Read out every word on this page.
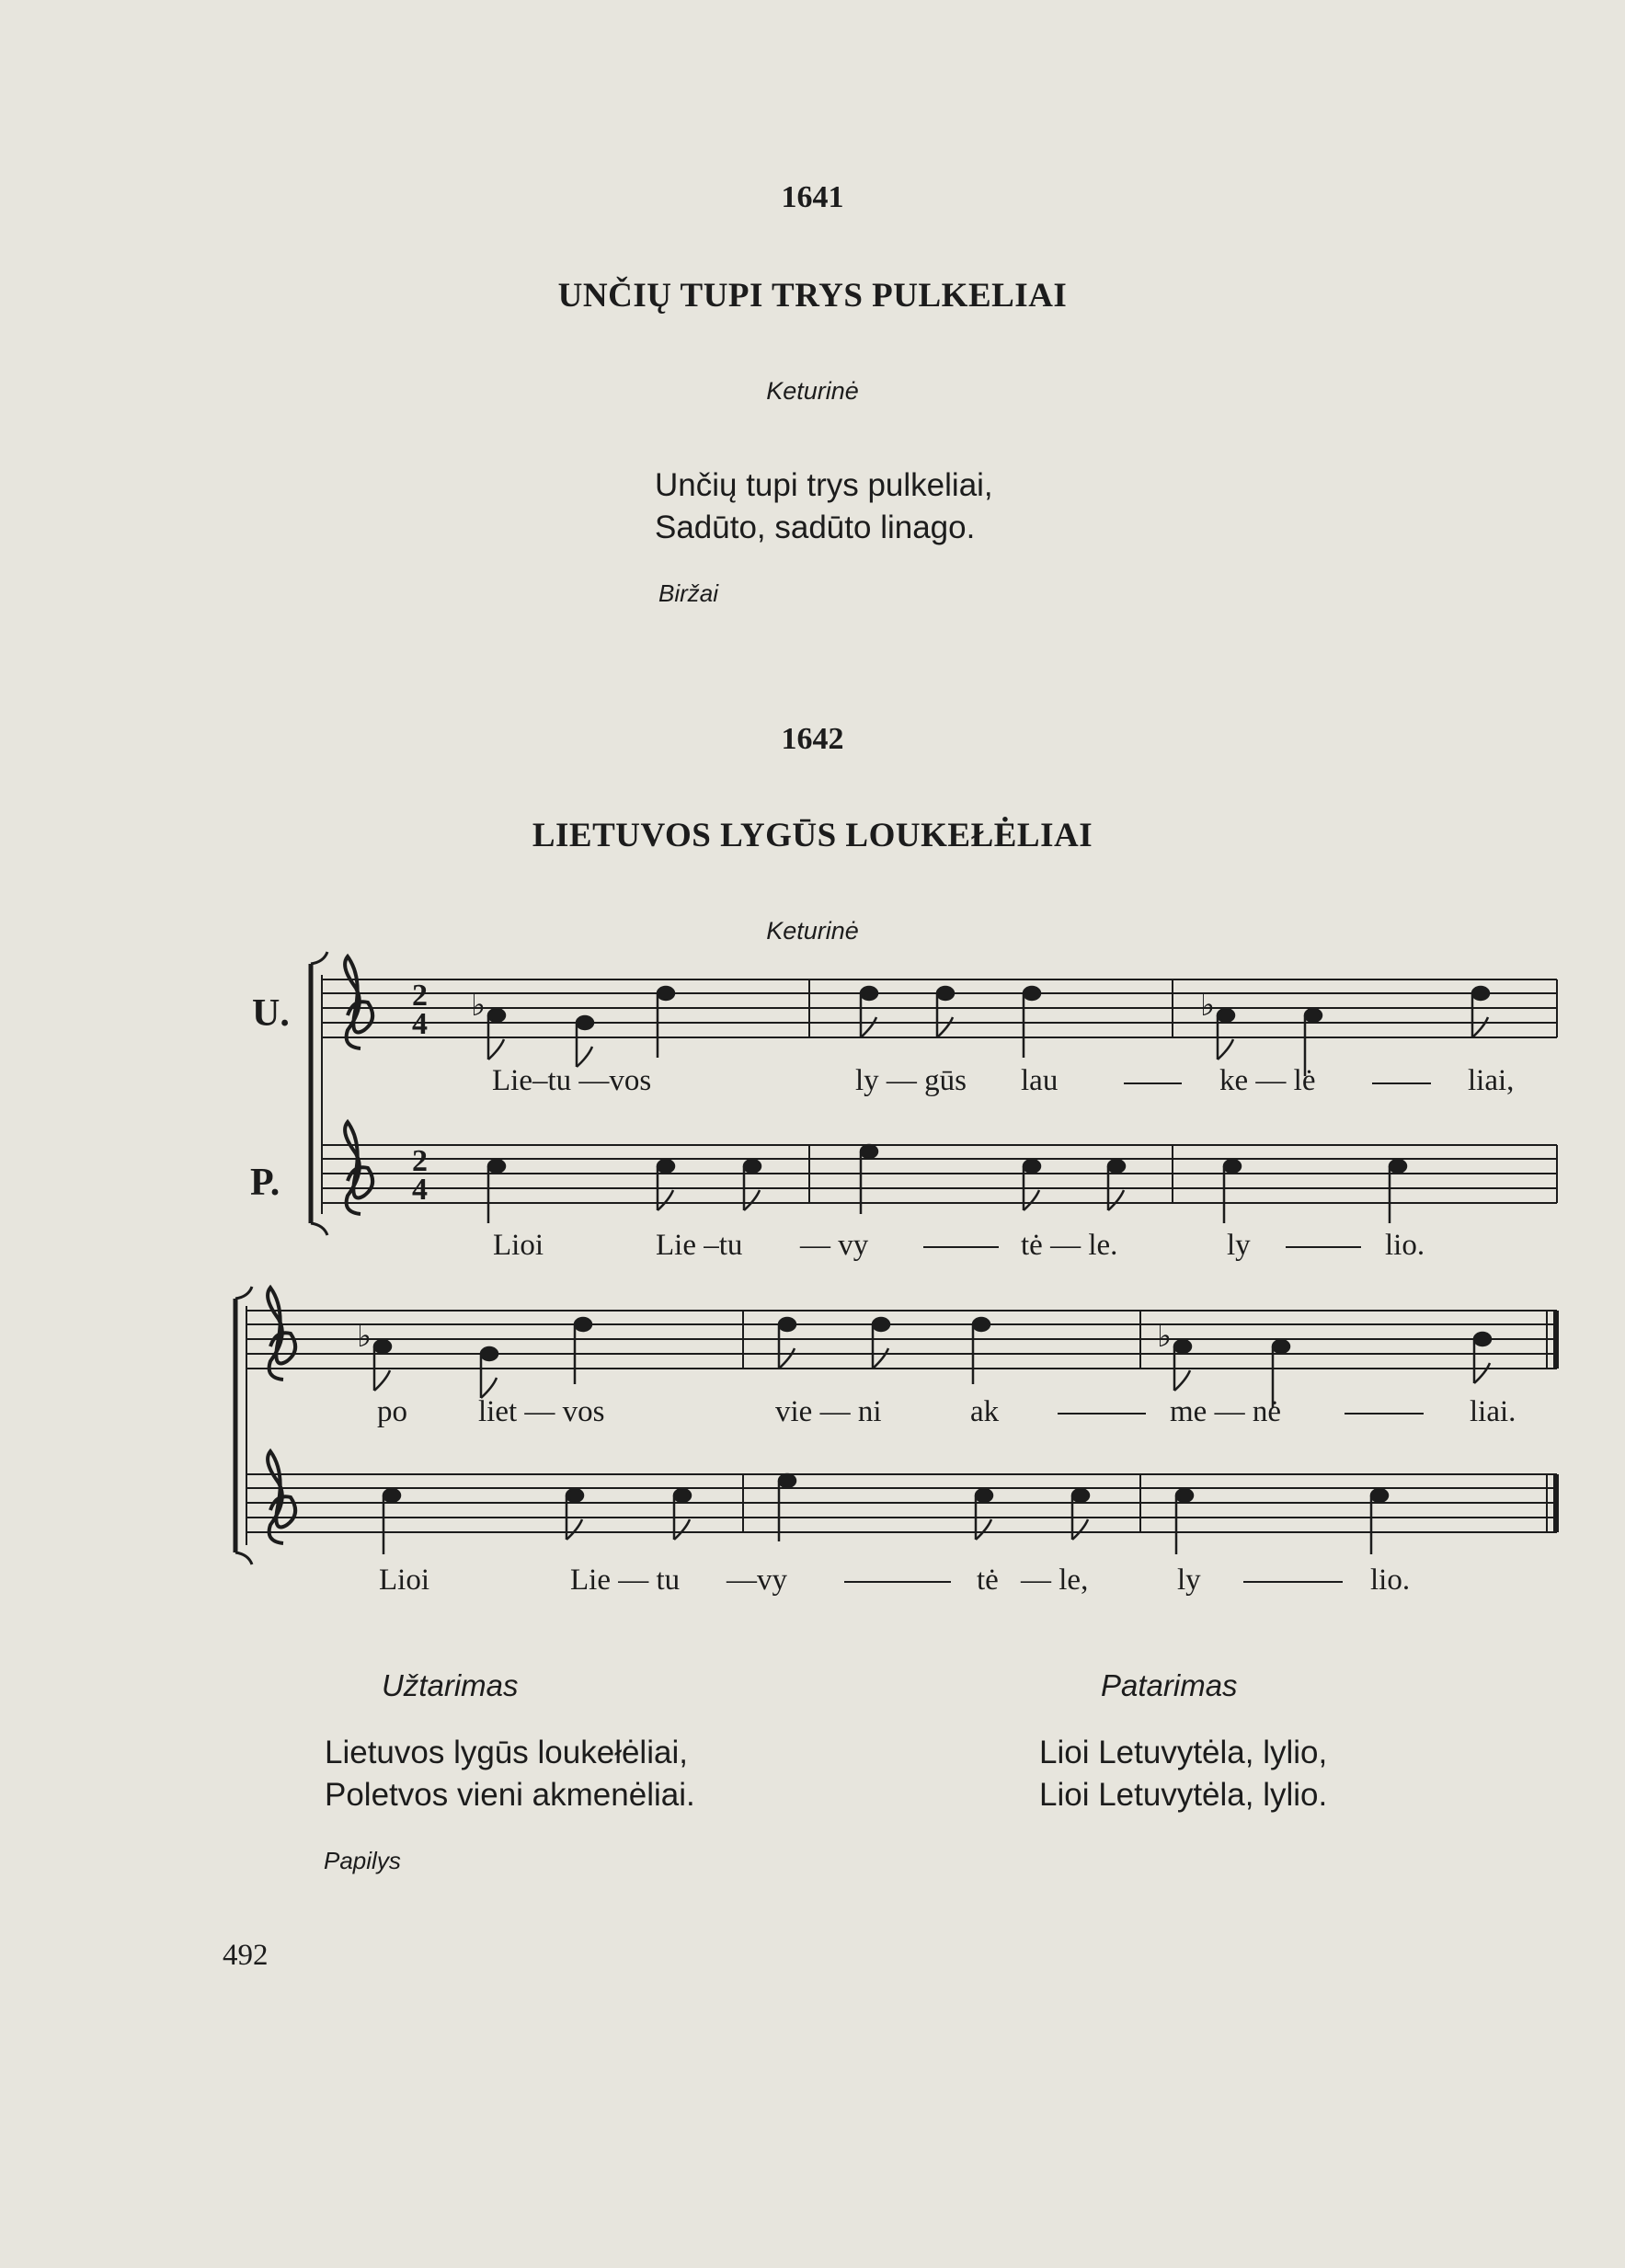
1641
UNČIŲ TUPI TRYS PULKELIAI
Keturinė
Unčių tupi trys pulkeliai,
Sadūto, sadūto linago.
Biržai
1642
LIETUVOS LYGŪS LOUKEŁĖLIAI
Keturinė
U.
P.
2
4
2
4
♭	♭
♭	♭
Lie–tu —vos	ly — gūs lau	ke — lė	liai,
Lioi	Lie –tu — vy	tė — le.	ly	lio.
po liet — vos	vie — ni	ak	me — nė	liai.
Lioi	Lie — tu —vy	tė — le,	ly	lio.
Užtarimas
Lietuvos lygūs loukełėliai,
Poletvos vieni akmenėliai.
Patarimas
Lioi Letuvytėla, lylio,
Lioi Letuvytėla, lylio.
Papilys
492
